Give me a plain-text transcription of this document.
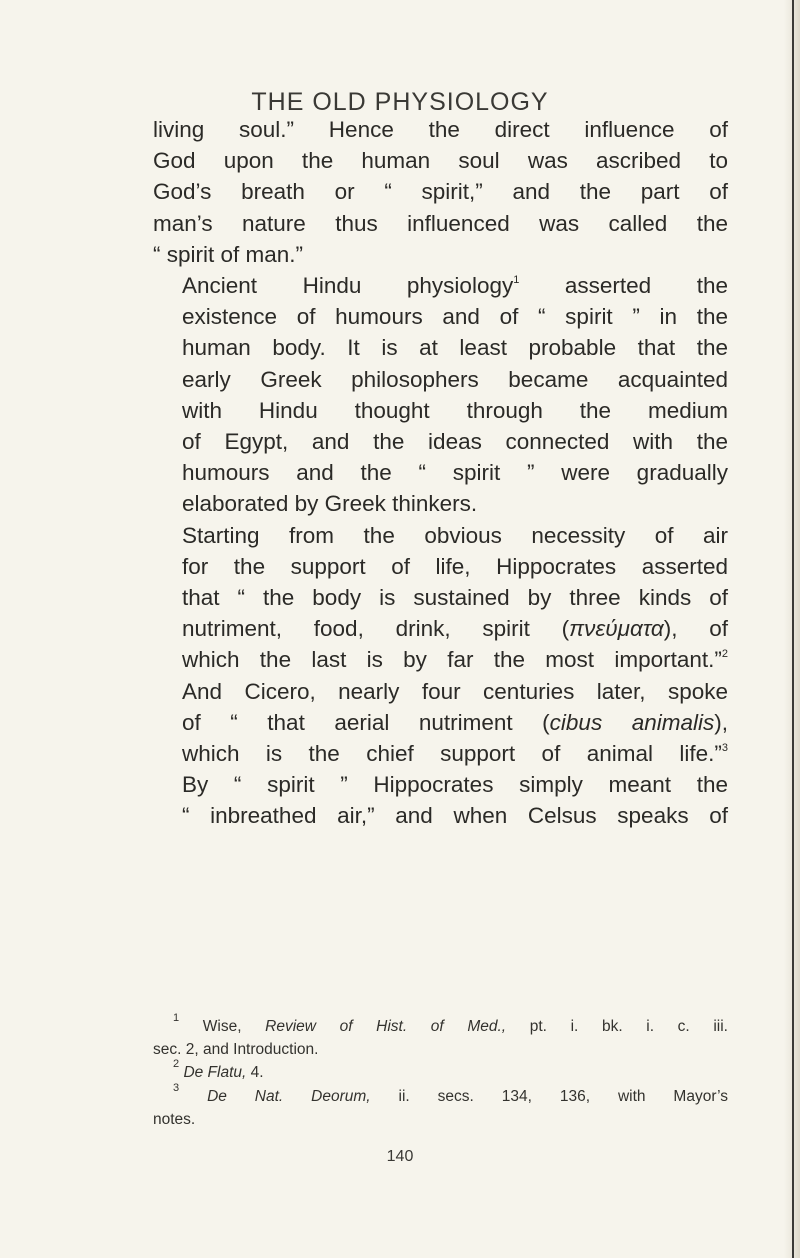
THE OLD PHYSIOLOGY

living soul.” Hence the direct influence of
God upon the human soul was ascribed to
God’s breath or “ spirit,” and the part of
man’s nature thus influenced was called the
“ spirit of man.”

Ancient Hindu physiology$^1$ asserted the
existence of humours and of “ spirit ” in the
human body. It is at least probable that the
early Greek philosophers became acquainted
with Hindu thought through the medium
of Egypt, and the ideas connected with the
humours and the “ spirit ” were gradually
elaborated by Greek thinkers.

Starting from the obvious necessity of air
for the support of life, Hippocrates asserted
that “ the body is sustained by three kinds of
nutriment, food, drink, spirit (πνεύματα), of
which the last is by far the most important.”$^2$
And Cicero, nearly four centuries later, spoke
of “ that aerial nutriment (cibus animalis),
which is the chief support of animal life.”$^3$
By “ spirit ” Hippocrates simply meant the
“ inbreathed air,” and when Celsus speaks of

$^1$ Wise, Review of Hist. of Med., pt. i. bk. i. c. iii.
sec. 2, and Introduction.
$^2$ De Flatu, 4.
$^3$ De Nat. Deorum, ii. secs. 134, 136, with Mayor’s
notes.
140
